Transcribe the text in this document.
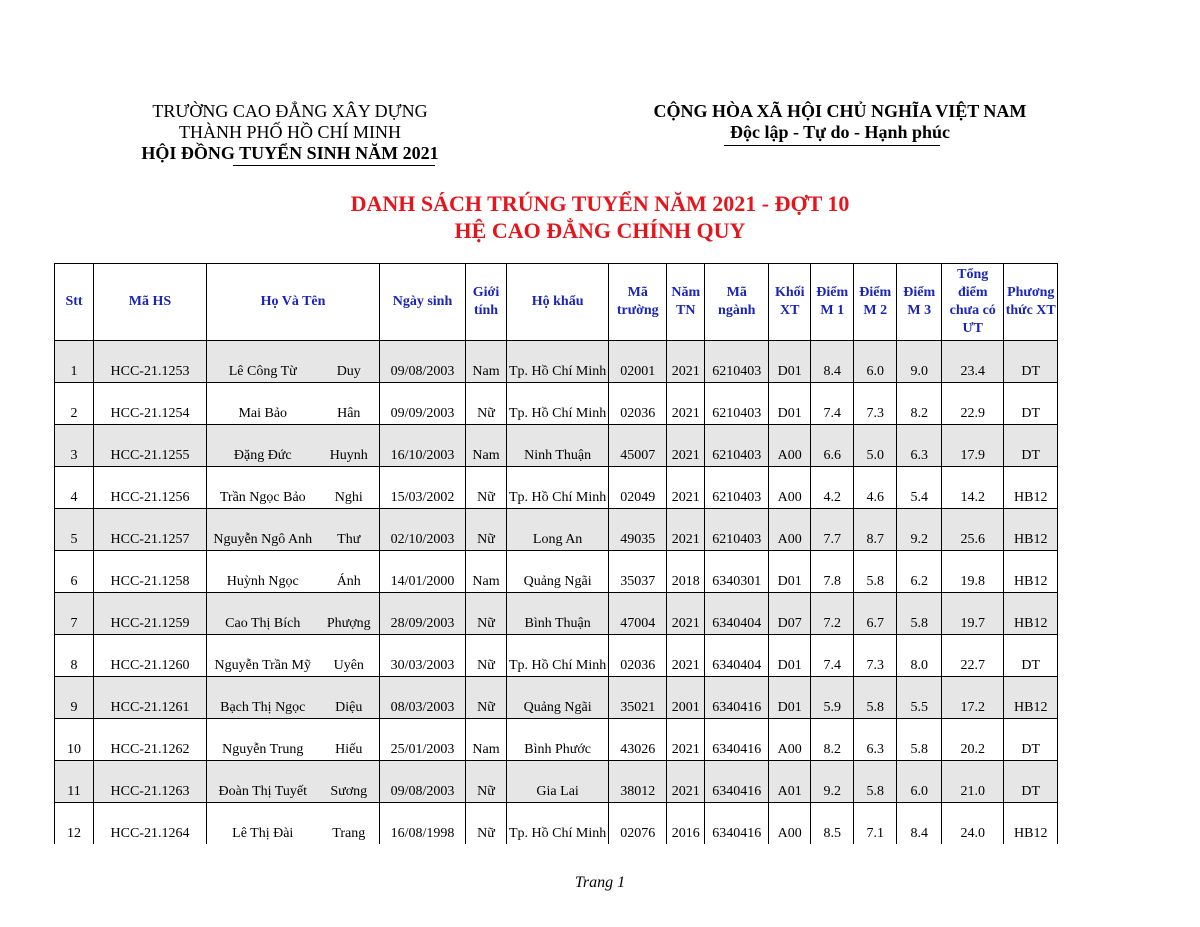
TRƯỜNG CAO ĐẲNG XÂY DỰNG
THÀNH PHỐ HỒ CHÍ MINH
HỘI ĐỒNG TUYỂN SINH NĂM 2021
CỘNG HÒA XÃ HỘI CHỦ NGHĨA VIỆT NAM
Độc lập - Tự do - Hạnh phúc
DANH SÁCH TRÚNG TUYỂN NĂM 2021 - ĐỢT 10
HỆ CAO ĐẲNG CHÍNH QUY
Stt	Mã HS	Họ Và Tên		Ngày sinh	Giới tính	Hộ khẩu	Mã trường	Năm TN	Mã ngành	Khối XT	Điểm M 1	Điểm M 2	Điểm M 3	Tổng điểm chưa có ƯT	Phương thức XT
1	HCC-21.1253	Lê Công Từ	Duy	09/08/2003	Nam	Tp. Hồ Chí Minh	02001	2021	6210403	D01	8.4	6.0	9.0	23.4	DT
2	HCC-21.1254	Mai Bảo	Hân	09/09/2003	Nữ	Tp. Hồ Chí Minh	02036	2021	6210403	D01	7.4	7.3	8.2	22.9	DT
3	HCC-21.1255	Đặng Đức	Huynh	16/10/2003	Nam	Ninh Thuận	45007	2021	6210403	A00	6.6	5.0	6.3	17.9	DT
4	HCC-21.1256	Trần Ngọc Bảo	Nghi	15/03/2002	Nữ	Tp. Hồ Chí Minh	02049	2021	6210403	A00	4.2	4.6	5.4	14.2	HB12
5	HCC-21.1257	Nguyễn Ngô Anh	Thư	02/10/2003	Nữ	Long An	49035	2021	6210403	A00	7.7	8.7	9.2	25.6	HB12
6	HCC-21.1258	Huỳnh Ngọc	Ánh	14/01/2000	Nam	Quảng Ngãi	35037	2018	6340301	D01	7.8	5.8	6.2	19.8	HB12
7	HCC-21.1259	Cao Thị Bích	Phượng	28/09/2003	Nữ	Bình Thuận	47004	2021	6340404	D07	7.2	6.7	5.8	19.7	HB12
8	HCC-21.1260	Nguyễn Trần Mỹ	Uyên	30/03/2003	Nữ	Tp. Hồ Chí Minh	02036	2021	6340404	D01	7.4	7.3	8.0	22.7	DT
9	HCC-21.1261	Bạch Thị Ngọc	Diệu	08/03/2003	Nữ	Quảng Ngãi	35021	2001	6340416	D01	5.9	5.8	5.5	17.2	HB12
10	HCC-21.1262	Nguyễn Trung	Hiếu	25/01/2003	Nam	Bình Phước	43026	2021	6340416	A00	8.2	6.3	5.8	20.2	DT
11	HCC-21.1263	Đoàn Thị Tuyết	Sương	09/08/2003	Nữ	Gia Lai	38012	2021	6340416	A01	9.2	5.8	6.0	21.0	DT
12	HCC-21.1264	Lê Thị Đài	Trang	16/08/1998	Nữ	Tp. Hồ Chí Minh	02076	2016	6340416	A00	8.5	7.1	8.4	24.0	HB12
Trang 1
